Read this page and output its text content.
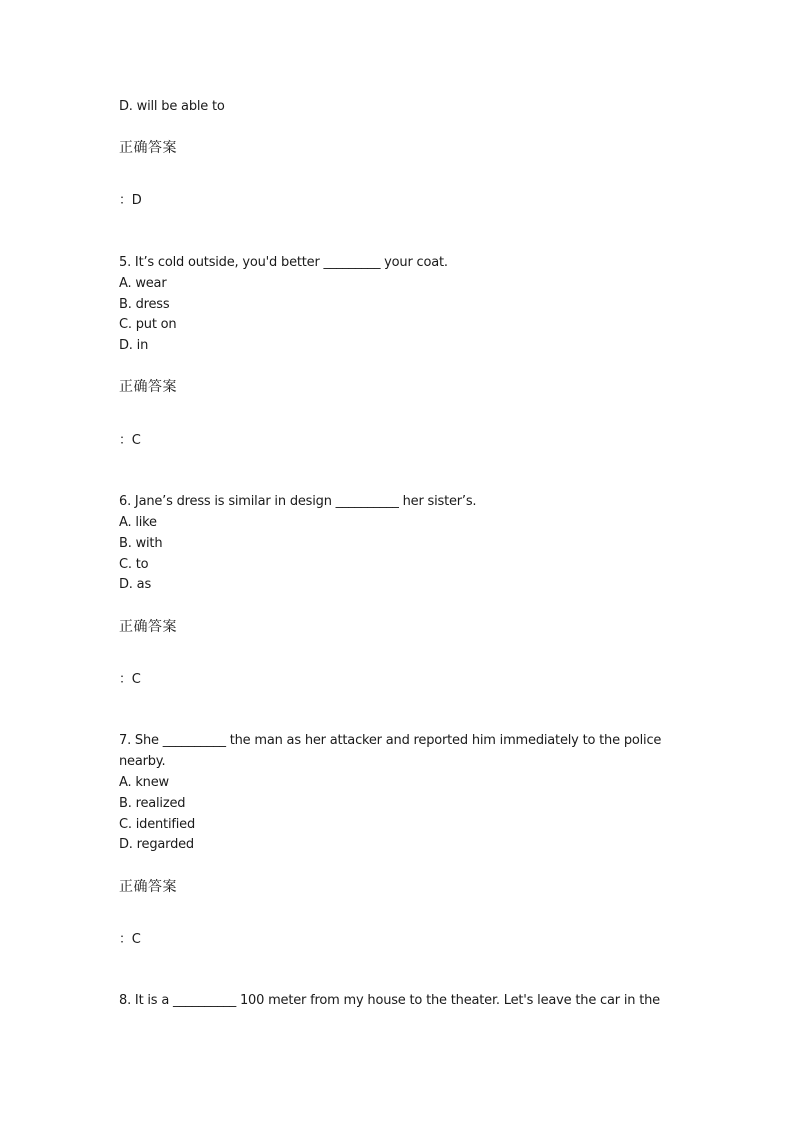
D. will be able to
正确答案
：D
5. It’s cold outside, you'd better _________ your coat.
A. wear
B. dress
C. put on
D. in
正确答案
：C
6. Jane’s dress is similar in design __________ her sister’s.
A. like
B. with
C. to
D. as
正确答案
：C
7. She __________ the man as her attacker and reported him immediately to the police
nearby.
A. knew
B. realized
C. identified
D. regarded
正确答案
：C
8. It is a __________ 100 meter from my house to the theater. Let's leave the car in the
